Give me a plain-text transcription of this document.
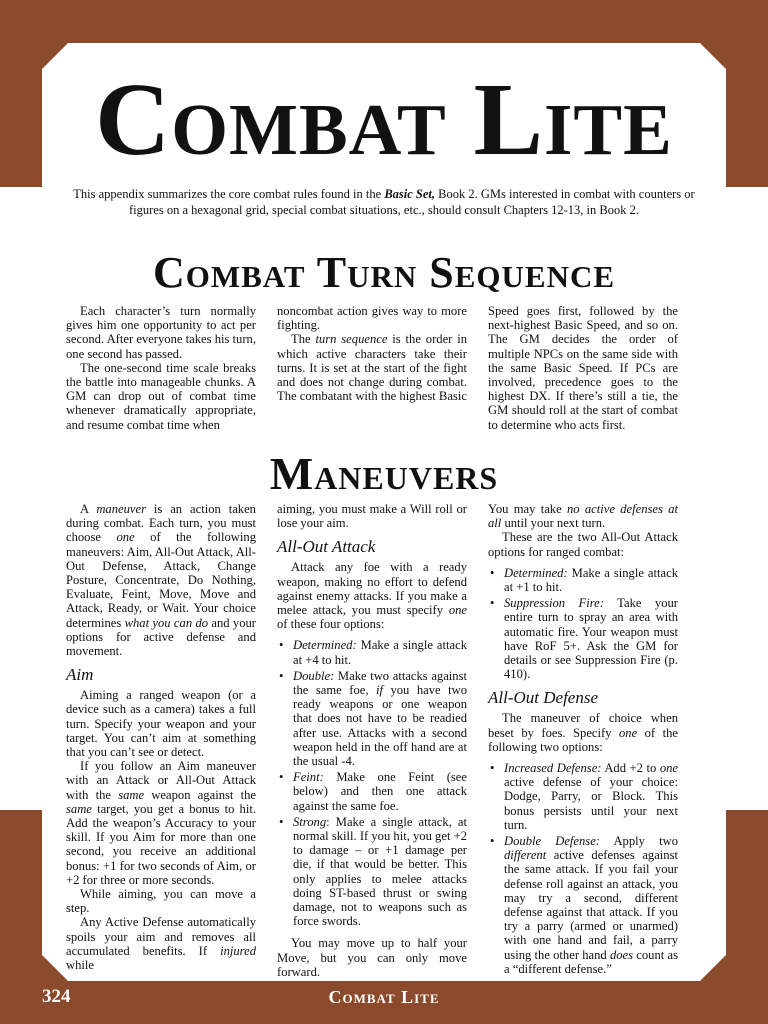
Combat Lite

This appendix summarizes the core combat rules found in the Basic Set, Book 2. GMs interested in combat with counters or figures on a hexagonal grid, special combat situations, etc., should consult Chapters 12-13, in Book 2.

Combat Turn Sequence

Each character’s turn normally gives him one opportunity to act per second. After everyone takes his turn, one second has passed.

The one-second time scale breaks the battle into manageable chunks. A GM can drop out of combat time whenever dramatically appropriate, and resume combat time when

noncombat action gives way to more fighting.

The turn sequence is the order in which active characters take their turns. It is set at the start of the fight and does not change during combat. The combatant with the highest Basic

Speed goes first, followed by the next-highest Basic Speed, and so on. The GM decides the order of multiple NPCs on the same side with the same Basic Speed. If PCs are involved, precedence goes to the highest DX. If there’s still a tie, the GM should roll at the start of combat to determine who acts first.

Maneuvers

A maneuver is an action taken during combat. Each turn, you must choose one of the following maneuvers: Aim, All-Out Attack, All-Out Defense, Attack, Change Posture, Concentrate, Do Nothing, Evaluate, Feint, Move, Move and Attack, Ready, or Wait. Your choice determines what you can do and your options for active defense and movement.

Aim

Aiming a ranged weapon (or a device such as a camera) takes a full turn. Specify your weapon and your target. You can’t aim at something that you can’t see or detect.

If you follow an Aim maneuver with an Attack or All-Out Attack with the same weapon against the same target, you get a bonus to hit. Add the weapon’s Accuracy to your skill. If you Aim for more than one second, you receive an additional bonus: +1 for two seconds of Aim, or +2 for three or more seconds.

While aiming, you can move a step.

Any Active Defense automatically spoils your aim and removes all accumulated benefits. If injured while

aiming, you must make a Will roll or lose your aim.

All-Out Attack

Attack any foe with a ready weapon, making no effort to defend against enemy attacks. If you make a melee attack, you must specify one of these four options:

• Determined: Make a single attack at +4 to hit.
• Double: Make two attacks against the same foe, if you have two ready weapons or one weapon that does not have to be readied after use. Attacks with a second weapon held in the off hand are at the usual -4.
• Feint: Make one Feint (see below) and then one attack against the same foe.
• Strong: Make a single attack, at normal skill. If you hit, you get +2 to damage – or +1 damage per die, if that would be better. This only applies to melee attacks doing ST-based thrust or swing damage, not to weapons such as force swords.

You may move up to half your Move, but you can only move forward.

You may take no active defenses at all until your next turn.

These are the two All-Out Attack options for ranged combat:

• Determined: Make a single attack at +1 to hit.
• Suppression Fire: Take your entire turn to spray an area with automatic fire. Your weapon must have RoF 5+. Ask the GM for details or see Suppression Fire (p. 410).
All-Out Defense

The maneuver of choice when beset by foes. Specify one of the following two options:

• Increased Defense: Add +2 to one active defense of your choice: Dodge, Parry, or Block. This bonus persists until your next turn.
• Double Defense: Apply two different active defenses against the same attack. If you fail your defense roll against an attack, you may try a second, different defense against that attack. If you try a parry (armed or unarmed) with one hand and fail, a parry using the other hand does count as a “different defense.”

324	Combat Lite
